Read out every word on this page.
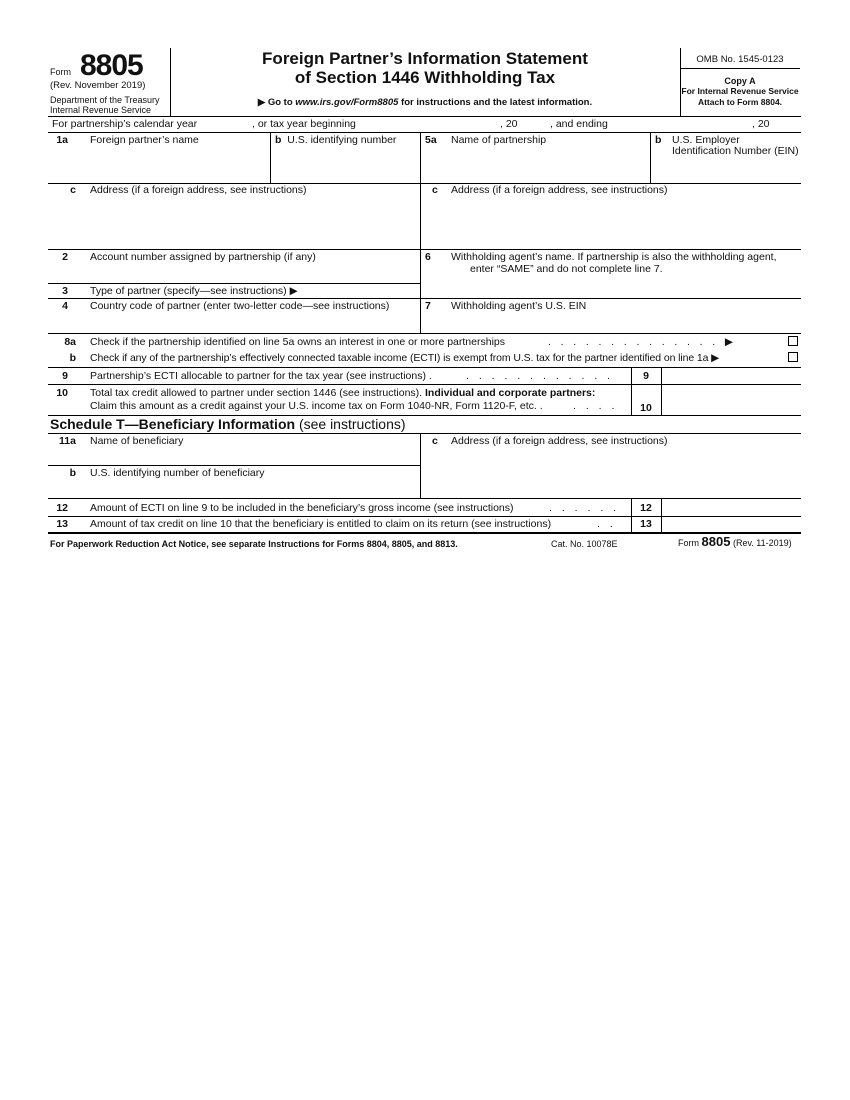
Form 8805
(Rev. November 2019)
Department of the Treasury
Internal Revenue Service
Foreign Partner’s Information Statement
of Section 1446 Withholding Tax
▶ Go to www.irs.gov/Form8805 for instructions and the latest information.
OMB No. 1545-0123
Copy A
For Internal Revenue Service
Attach to Form 8804.
For partnership’s calendar year	, or tax year beginning	, 20	, and ending	, 20
1a Foreign partner’s name	b U.S. identifying number	5a Name of partnership	b U.S. Employer
Identification Number (EIN)
c Address (if a foreign address, see instructions)	c Address (if a foreign address, see instructions)
2 Account number assigned by partnership (if any)	6 Withholding agent’s name. If partnership is also the withholding agent,
enter “SAME” and do not complete line 7.
3 Type of partner (specify—see instructions) ▶
4 Country code of partner (enter two-letter code—see instructions)	7 Withholding agent’s U.S. EIN
8a Check if the partnership identified on line 5a owns an interest in one or more partnerships	. . . . . . . . . . . . . . ▶
b Check if any of the partnership’s effectively connected taxable income (ECTI) is exempt from U.S. tax for the partner identified on line 1a ▶
9 Partnership’s ECTI allocable to partner for the tax year (see instructions) .	. . . . . . . . . . . .	9
10 Total tax credit allowed to partner under section 1446 (see instructions). Individual and corporate partners:
Claim this amount as a credit against your U.S. income tax on Form 1040-NR, Form 1120-F, etc. .	. . . .	10
Schedule T—Beneficiary Information (see instructions)
11a Name of beneficiary	c Address (if a foreign address, see instructions)
b U.S. identifying number of beneficiary
12 Amount of ECTI on line 9 to be included in the beneficiary’s gross income (see instructions)	. . . . . .	12
13 Amount of tax credit on line 10 that the beneficiary is entitled to claim on its return (see instructions)	. .	13
For Paperwork Reduction Act Notice, see separate Instructions for Forms 8804, 8805, and 8813.	Cat. No. 10078E	Form 8805 (Rev. 11-2019)
